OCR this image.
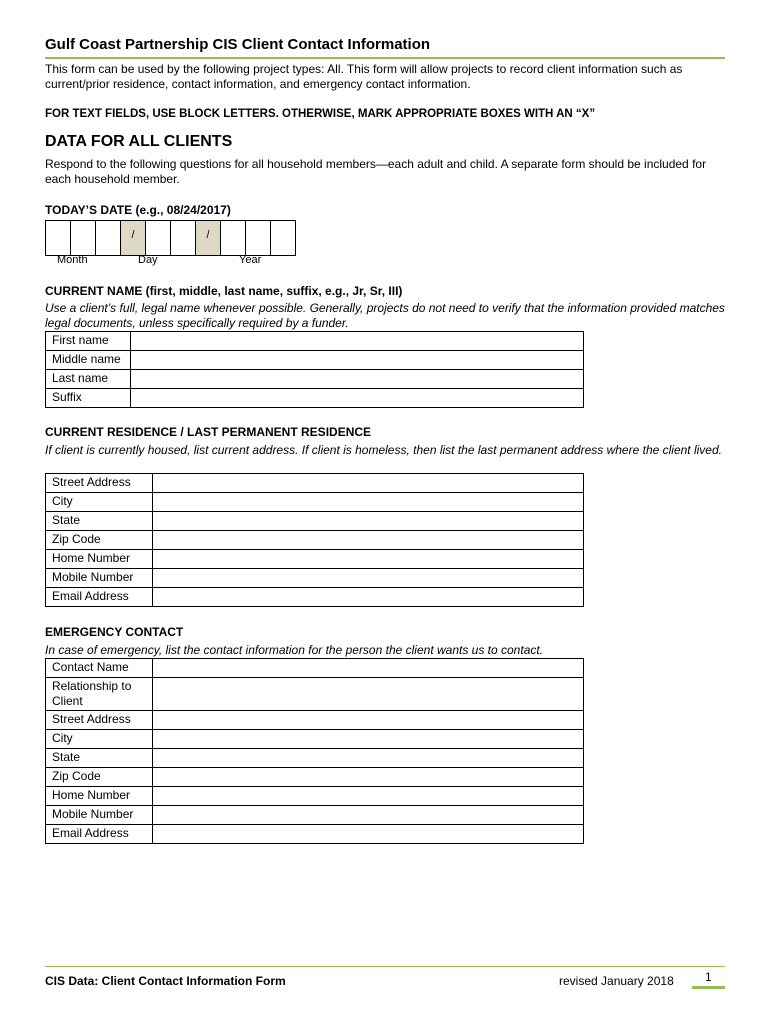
Gulf Coast Partnership CIS Client Contact Information
This form can be used by the following project types: All. This form will allow projects to record client information such as current/prior residence, contact information, and emergency contact information.
FOR TEXT FIELDS, USE BLOCK LETTERS. OTHERWISE, MARK APPROPRIATE BOXES WITH AN “X”
DATA FOR ALL CLIENTS
Respond to the following questions for all household members—each adult and child. A separate form should be included for each household member.
TODAY’S DATE (e.g., 08/24/2017)
/	/
Month	Day	Year
CURRENT NAME (first, middle, last name, suffix, e.g., Jr, Sr, III)
Use a client’s full, legal name whenever possible. Generally, projects do not need to verify that the information provided matches legal documents, unless specifically required by a funder.
First name	
Middle name	
Last name	
Suffix	
CURRENT RESIDENCE / LAST PERMANENT RESIDENCE
If client is currently housed, list current address. If client is homeless, then list the last permanent address where the client lived.
Street Address	
City	
State	
Zip Code	
Home Number	
Mobile Number	
Email Address	
EMERGENCY CONTACT
In case of emergency, list the contact information for the person the client wants us to contact.
Contact Name	
Relationship to Client	
Street Address	
City	
State	
Zip Code	
Home Number	
Mobile Number	
Email Address	
CIS Data: Client Contact Information Form	revised January 2018	1
